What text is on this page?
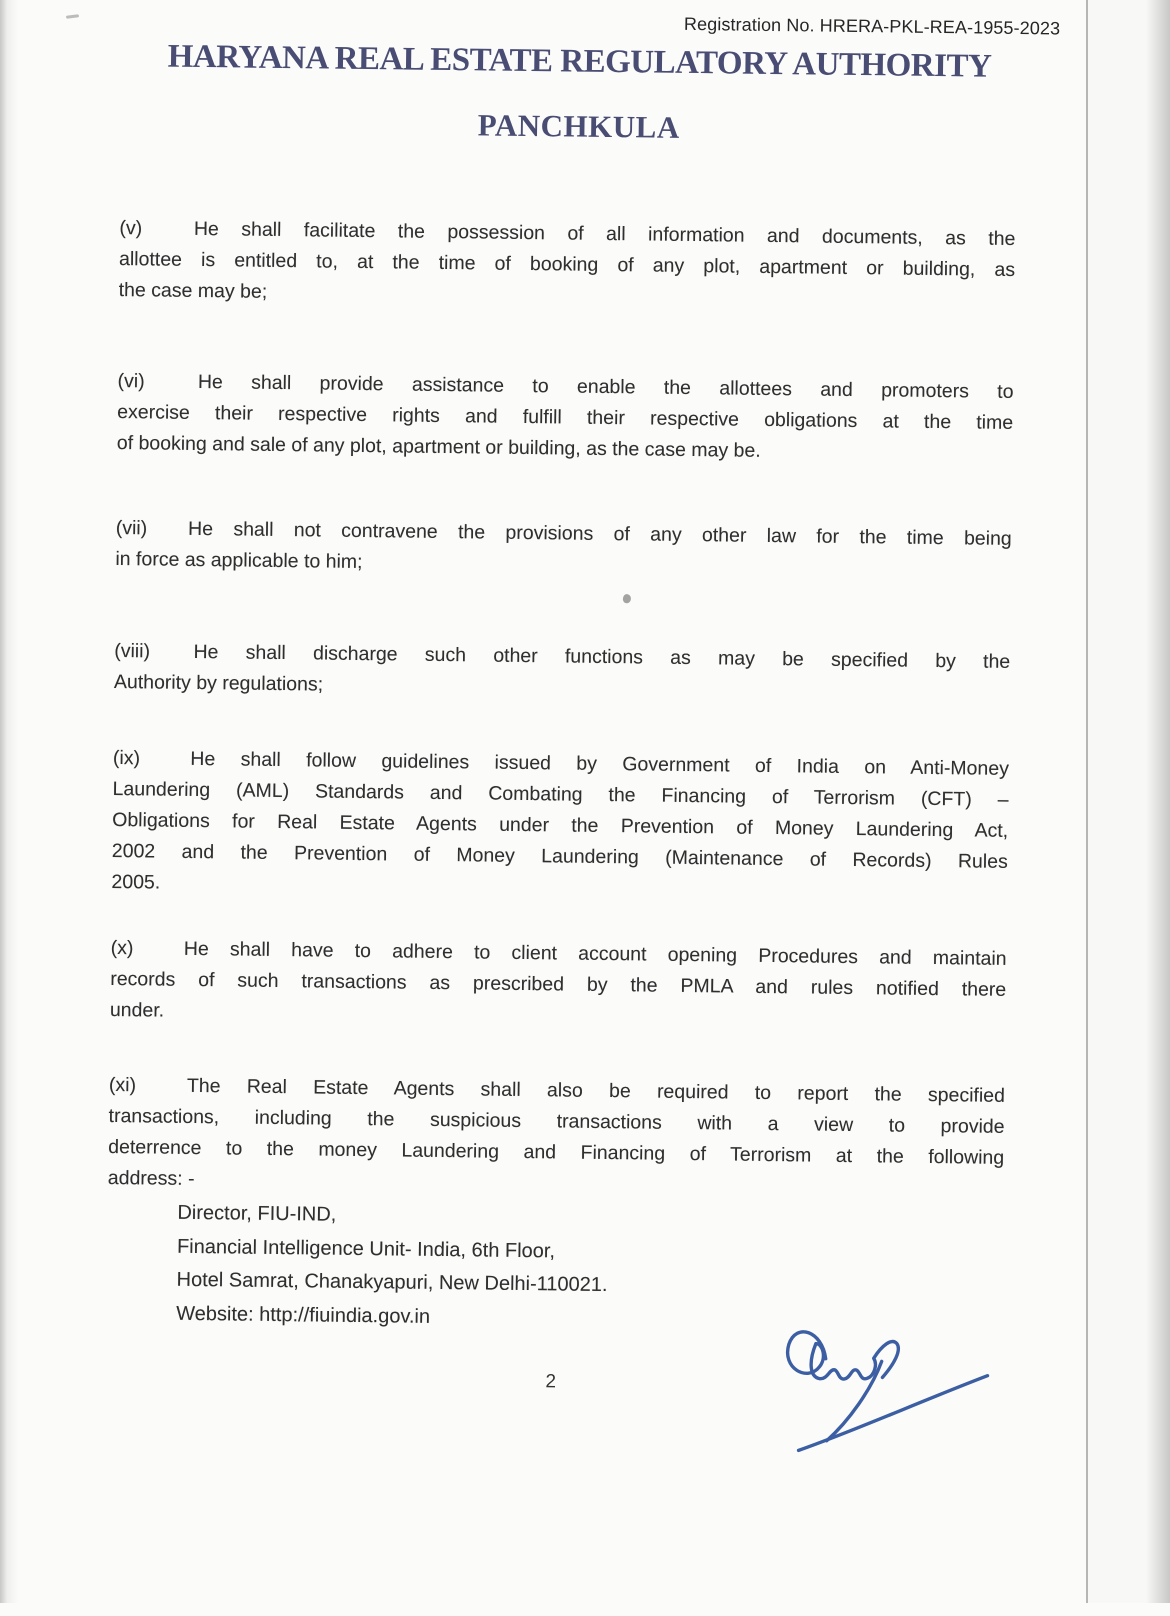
Registration No. HRERA-PKL-REA-1955-2023
HARYANA REAL ESTATE REGULATORY AUTHORITY
PANCHKULA
(v)	He shall facilitate the possession of all information and documents, as the
allottee is entitled to, at the time of booking of any plot, apartment or building, as
the case may be;
(vi)	He shall provide assistance to enable the allottees and promoters to
exercise their respective rights and fulfill their respective obligations at the time
of booking and sale of any plot, apartment or building, as the case may be.
(vii) He shall not contravene the provisions of any other law for the time being
in force as applicable to him;
(viii) He shall discharge such other functions as may be specified by the
Authority by regulations;
(ix)	He shall follow guidelines issued by Government of India on Anti-Money
Laundering (AML) Standards and Combating the Financing of Terrorism (CFT) –
Obligations for Real Estate Agents under the Prevention of Money Laundering Act,
2002 and the Prevention of Money Laundering (Maintenance of Records) Rules
2005.
(x)	He shall have to adhere to client account opening Procedures and maintain
records of such transactions as prescribed by the PMLA and rules notified there
under.
(xi)	The Real Estate Agents shall also be required to report the specified
transactions, including the suspicious transactions with a view to provide
deterrence to the money Laundering and Financing of Terrorism at the following
address: -
Director, FIU-IND,
Financial Intelligence Unit- India, 6th Floor,
Hotel Samrat, Chanakyapuri, New Delhi-110021.
Website: http://fiuindia.gov.in
2
